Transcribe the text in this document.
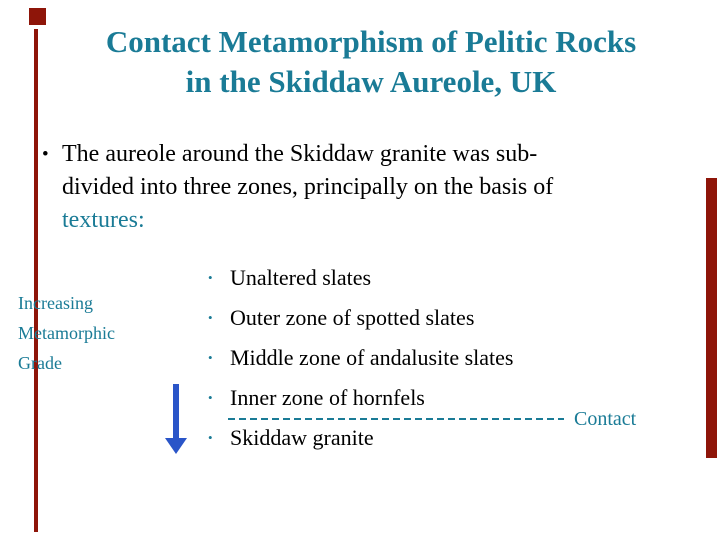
Contact Metamorphism of Pelitic Rocks
in the Skiddaw Aureole, UK
• The aureole around the Skiddaw granite was sub-
divided into three zones, principally on the basis of
textures:
Increasing Metamorphic Grade
• Unaltered slates
• Outer zone of spotted slates
• Middle zone of andalusite slates
• Inner zone of hornfels
• Skiddaw granite
Contact
